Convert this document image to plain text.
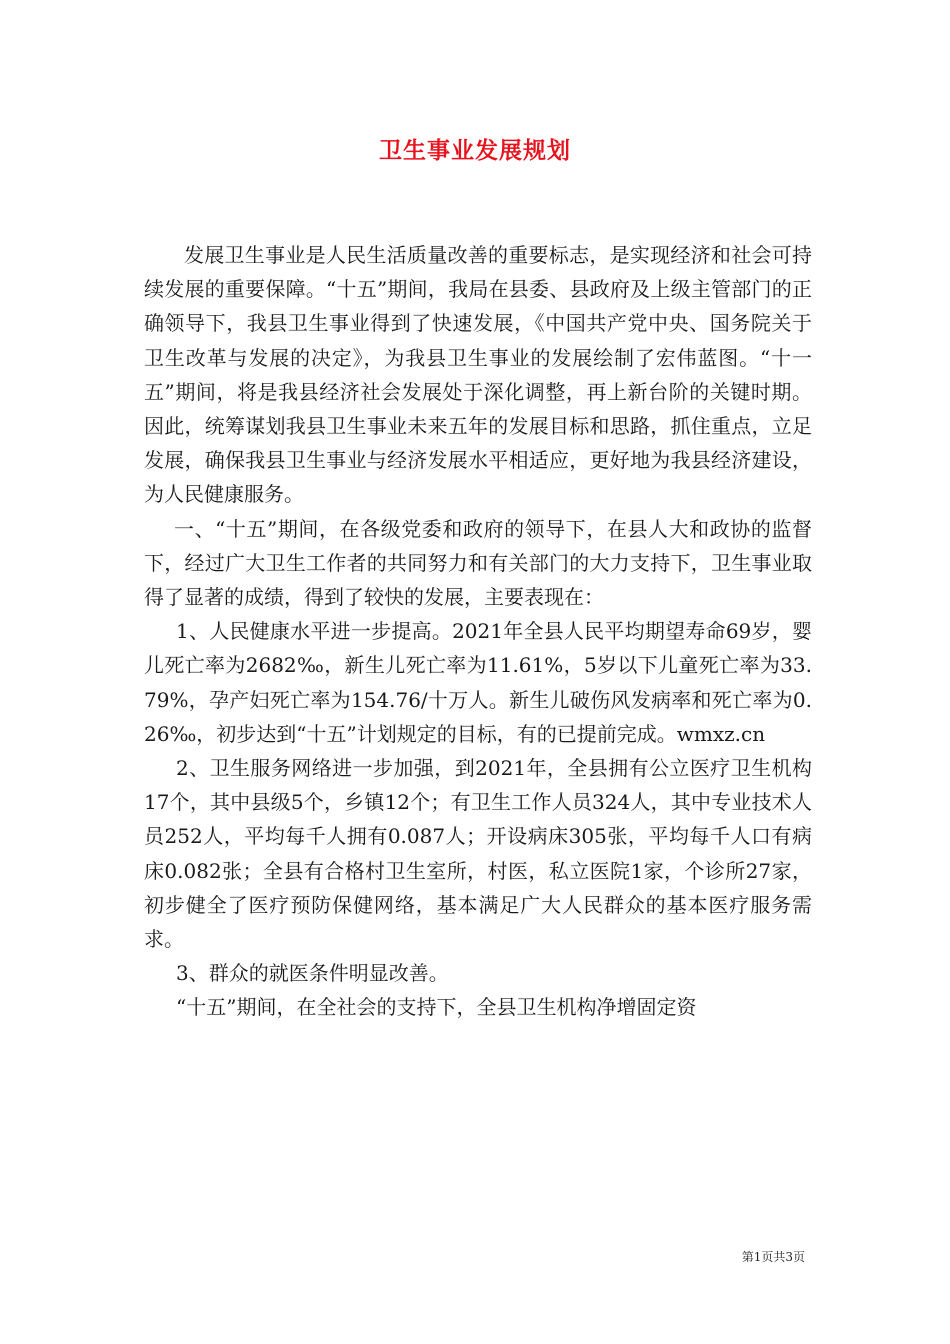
卫生事业发展规划

发展卫生事业是人民生活质量改善的重要标志，是实现经济和社会可持续发展的重要保障。“十五”期间，我局在县委、县政府及上级主管部门的正确领导下，我县卫生事业得到了快速发展，《中国共产党中央、国务院关于卫生改革与发展的决定》，为我县卫生事业的发展绘制了宏伟蓝图。“十一五”期间，将是我县经济社会发展处于深化调整，再上新台阶的关键时期。因此，统筹谋划我县卫生事业未来五年的发展目标和思路，抓住重点，立足发展，确保我县卫生事业与经济发展水平相适应，更好地为我县经济建设，为人民健康服务。

一、“十五”期间，在各级党委和政府的领导下，在县人大和政协的监督下，经过广大卫生工作者的共同努力和有关部门的大力支持下，卫生事业取得了显著的成绩，得到了较快的发展，主要表现在：

1、人民健康水平进一步提高。2021年全县人民平均期望寿命69岁，婴儿死亡率为2682‰，新生儿死亡率为11.61%，5岁以下儿童死亡率为33.79%，孕产妇死亡率为154.76/十万人。新生儿破伤风发病率和死亡率为0.26‰，初步达到“十五”计划规定的目标，有的已提前完成。wmxz.cn

2、卫生服务网络进一步加强，到2021年，全县拥有公立医疗卫生机构17个，其中县级5个，乡镇12个；有卫生工作人员324人，其中专业技术人员252人，平均每千人拥有0.087人；开设病床305张，平均每千人口有病床0.082张；全县有合格村卫生室所，村医，私立医院1家，个诊所27家，初步健全了医疗预防保健网络，基本满足广大人民群众的基本医疗服务需求。

3、群众的就医条件明显改善。

“十五”期间，在全社会的支持下，全县卫生机构净增固定资

第1页共3页
